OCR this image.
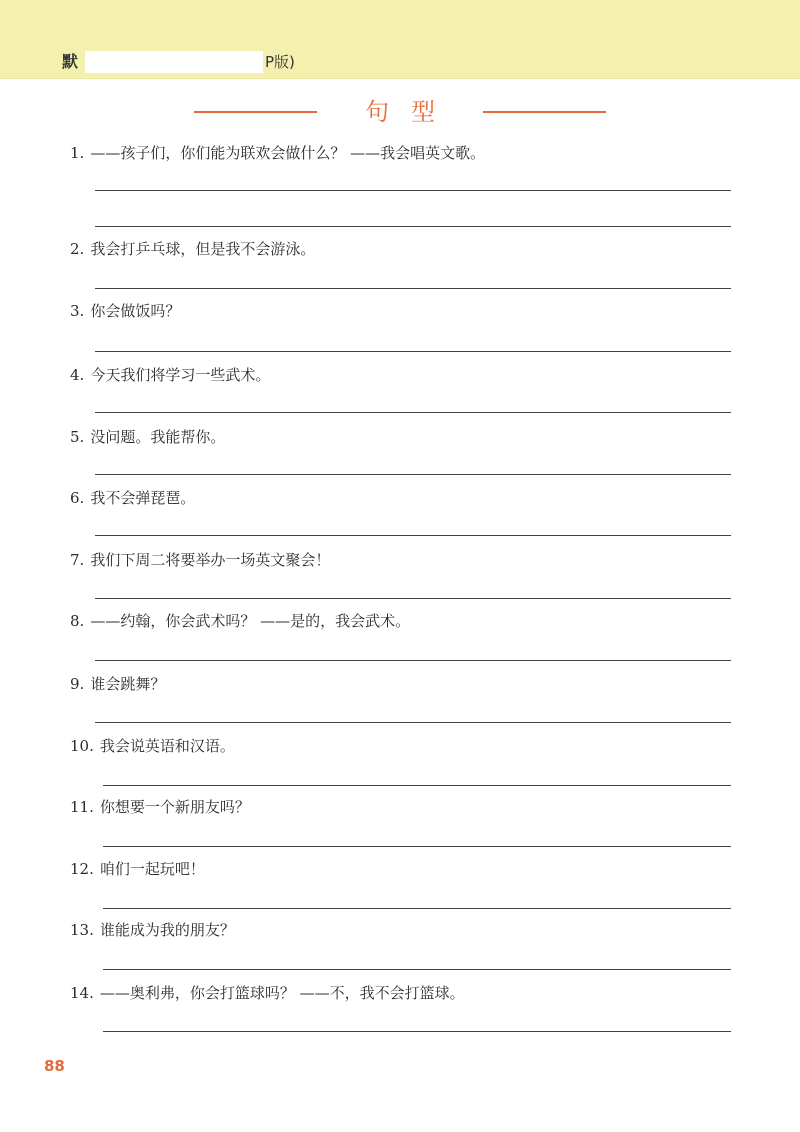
默	P版)
句型
1. ——孩子们，你们能为联欢会做什么？ ——我会唱英文歌。
2. 我会打乒乓球，但是我不会游泳。
3. 你会做饭吗？
4. 今天我们将学习一些武术。
5. 没问题。我能帮你。
6. 我不会弹琵琶。
7. 我们下周二将要举办一场英文聚会！
8. ——约翰，你会武术吗？ ——是的，我会武术。
9. 谁会跳舞？
10. 我会说英语和汉语。
11. 你想要一个新朋友吗？
12. 咱们一起玩吧！
13. 谁能成为我的朋友？
14. ——奥利弗，你会打篮球吗？ ——不，我不会打篮球。
88
